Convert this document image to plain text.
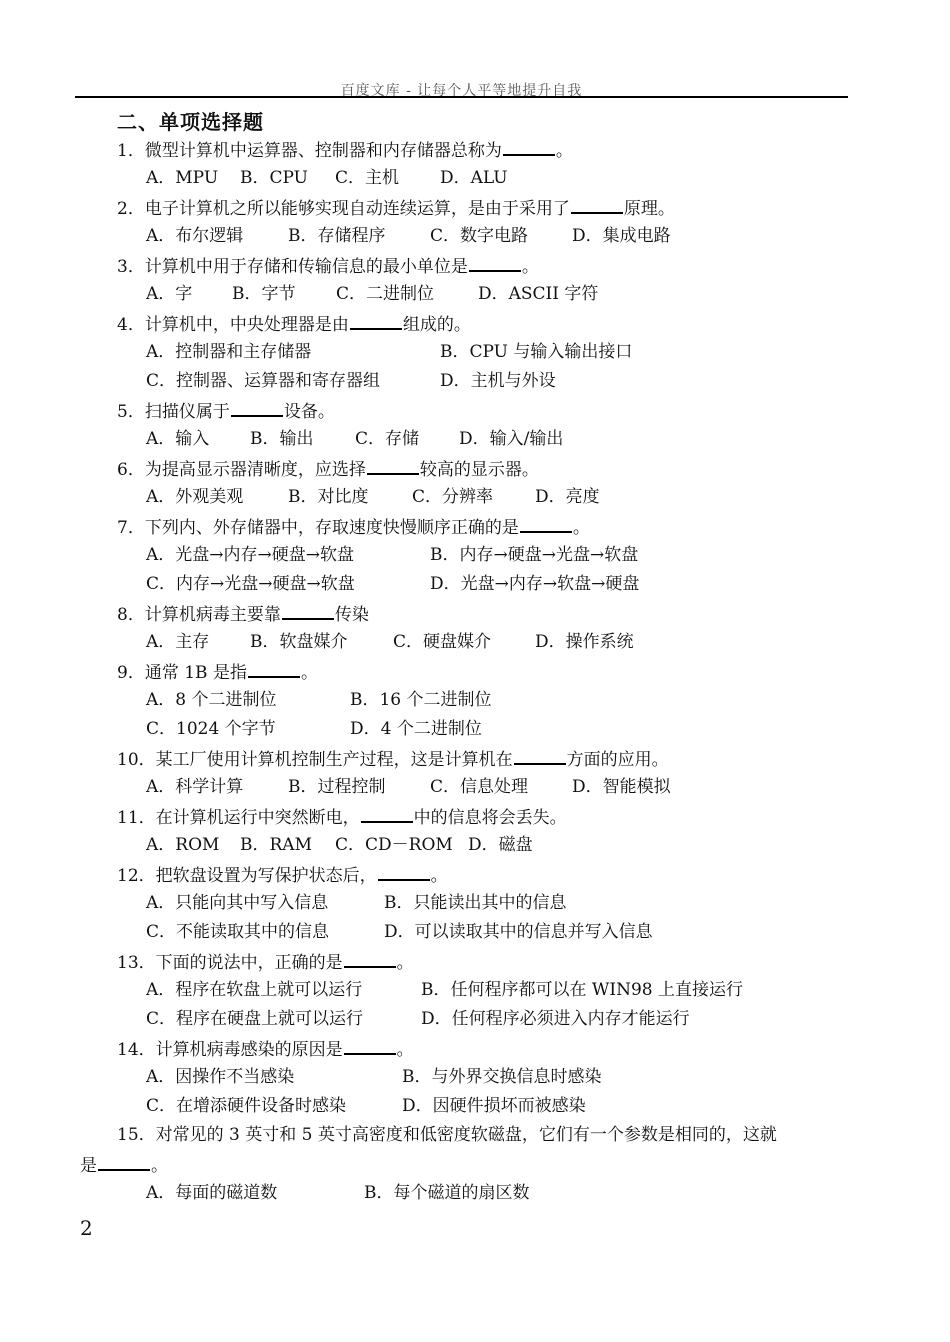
百度文库 - 让每个人平等地提升自我
二、单项选择题
1．微型计算机中运算器、控制器和内存储器总称为	。
A．MPU B．CPU C．主机 D．ALU
2．电子计算机之所以能够实现自动连续运算，是由于采用了	原理。
A．布尔逻辑	B．存储程序	C．数字电路	D．集成电路
3．计算机中用于存储和传输信息的最小单位是	。
A．字 B．字节 C．二进制位	D．ASCII 字符
4．计算机中，中央处理器是由	组成的。
A．控制器和主存储器	B．CPU 与输入输出接口
C．控制器、运算器和寄存器组	D．主机与外设
5．扫描仪属于	设备。
A．输入 B．输出 C．存储 D．输入/输出
6．为提高显示器清晰度，应选择	较高的显示器。
A．外观美观	B．对比度	C．分辨率 D．亮度
7．下列内、外存储器中，存取速度快慢顺序正确的是	。
A．光盘→内存→硬盘→软盘	B．内存→硬盘→光盘→软盘
C．内存→光盘→硬盘→软盘	D．光盘→内存→软盘→硬盘
8．计算机病毒主要靠	传染
A．主存 B．软盘媒介	C．硬盘媒介	D．操作系统
9．通常 1B 是指	。
A．8 个二进制位	B．16 个二进制位
C．1024 个字节	D．4 个二进制位
10．某工厂使用计算机控制生产过程，这是计算机在	方面的应用。
A．科学计算	B．过程控制	C．信息处理	D．智能模拟
11．在计算机运行中突然断电，	中的信息将会丢失。
A．ROM B．RAM C．CD－ROM D．磁盘
12．把软盘设置为写保护状态后，	。
A．只能向其中写入信息	B．只能读出其中的信息
C．不能读取其中的信息	D．可以读取其中的信息并写入信息
13．下面的说法中，正确的是	。
A．程序在软盘上就可以运行	B．任何程序都可以在 WIN98 上直接运行
C．程序在硬盘上就可以运行	D．任何程序必须进入内存才能运行
14．计算机病毒感染的原因是	。
A．因操作不当感染	B．与外界交换信息时感染
C．在增添硬件设备时感染	D．因硬件损坏而被感染
15．对常见的 3 英寸和 5 英寸高密度和低密度软磁盘，它们有一个参数是相同的，这就
是	。
A．每面的磁道数	B．每个磁道的扇区数
2
